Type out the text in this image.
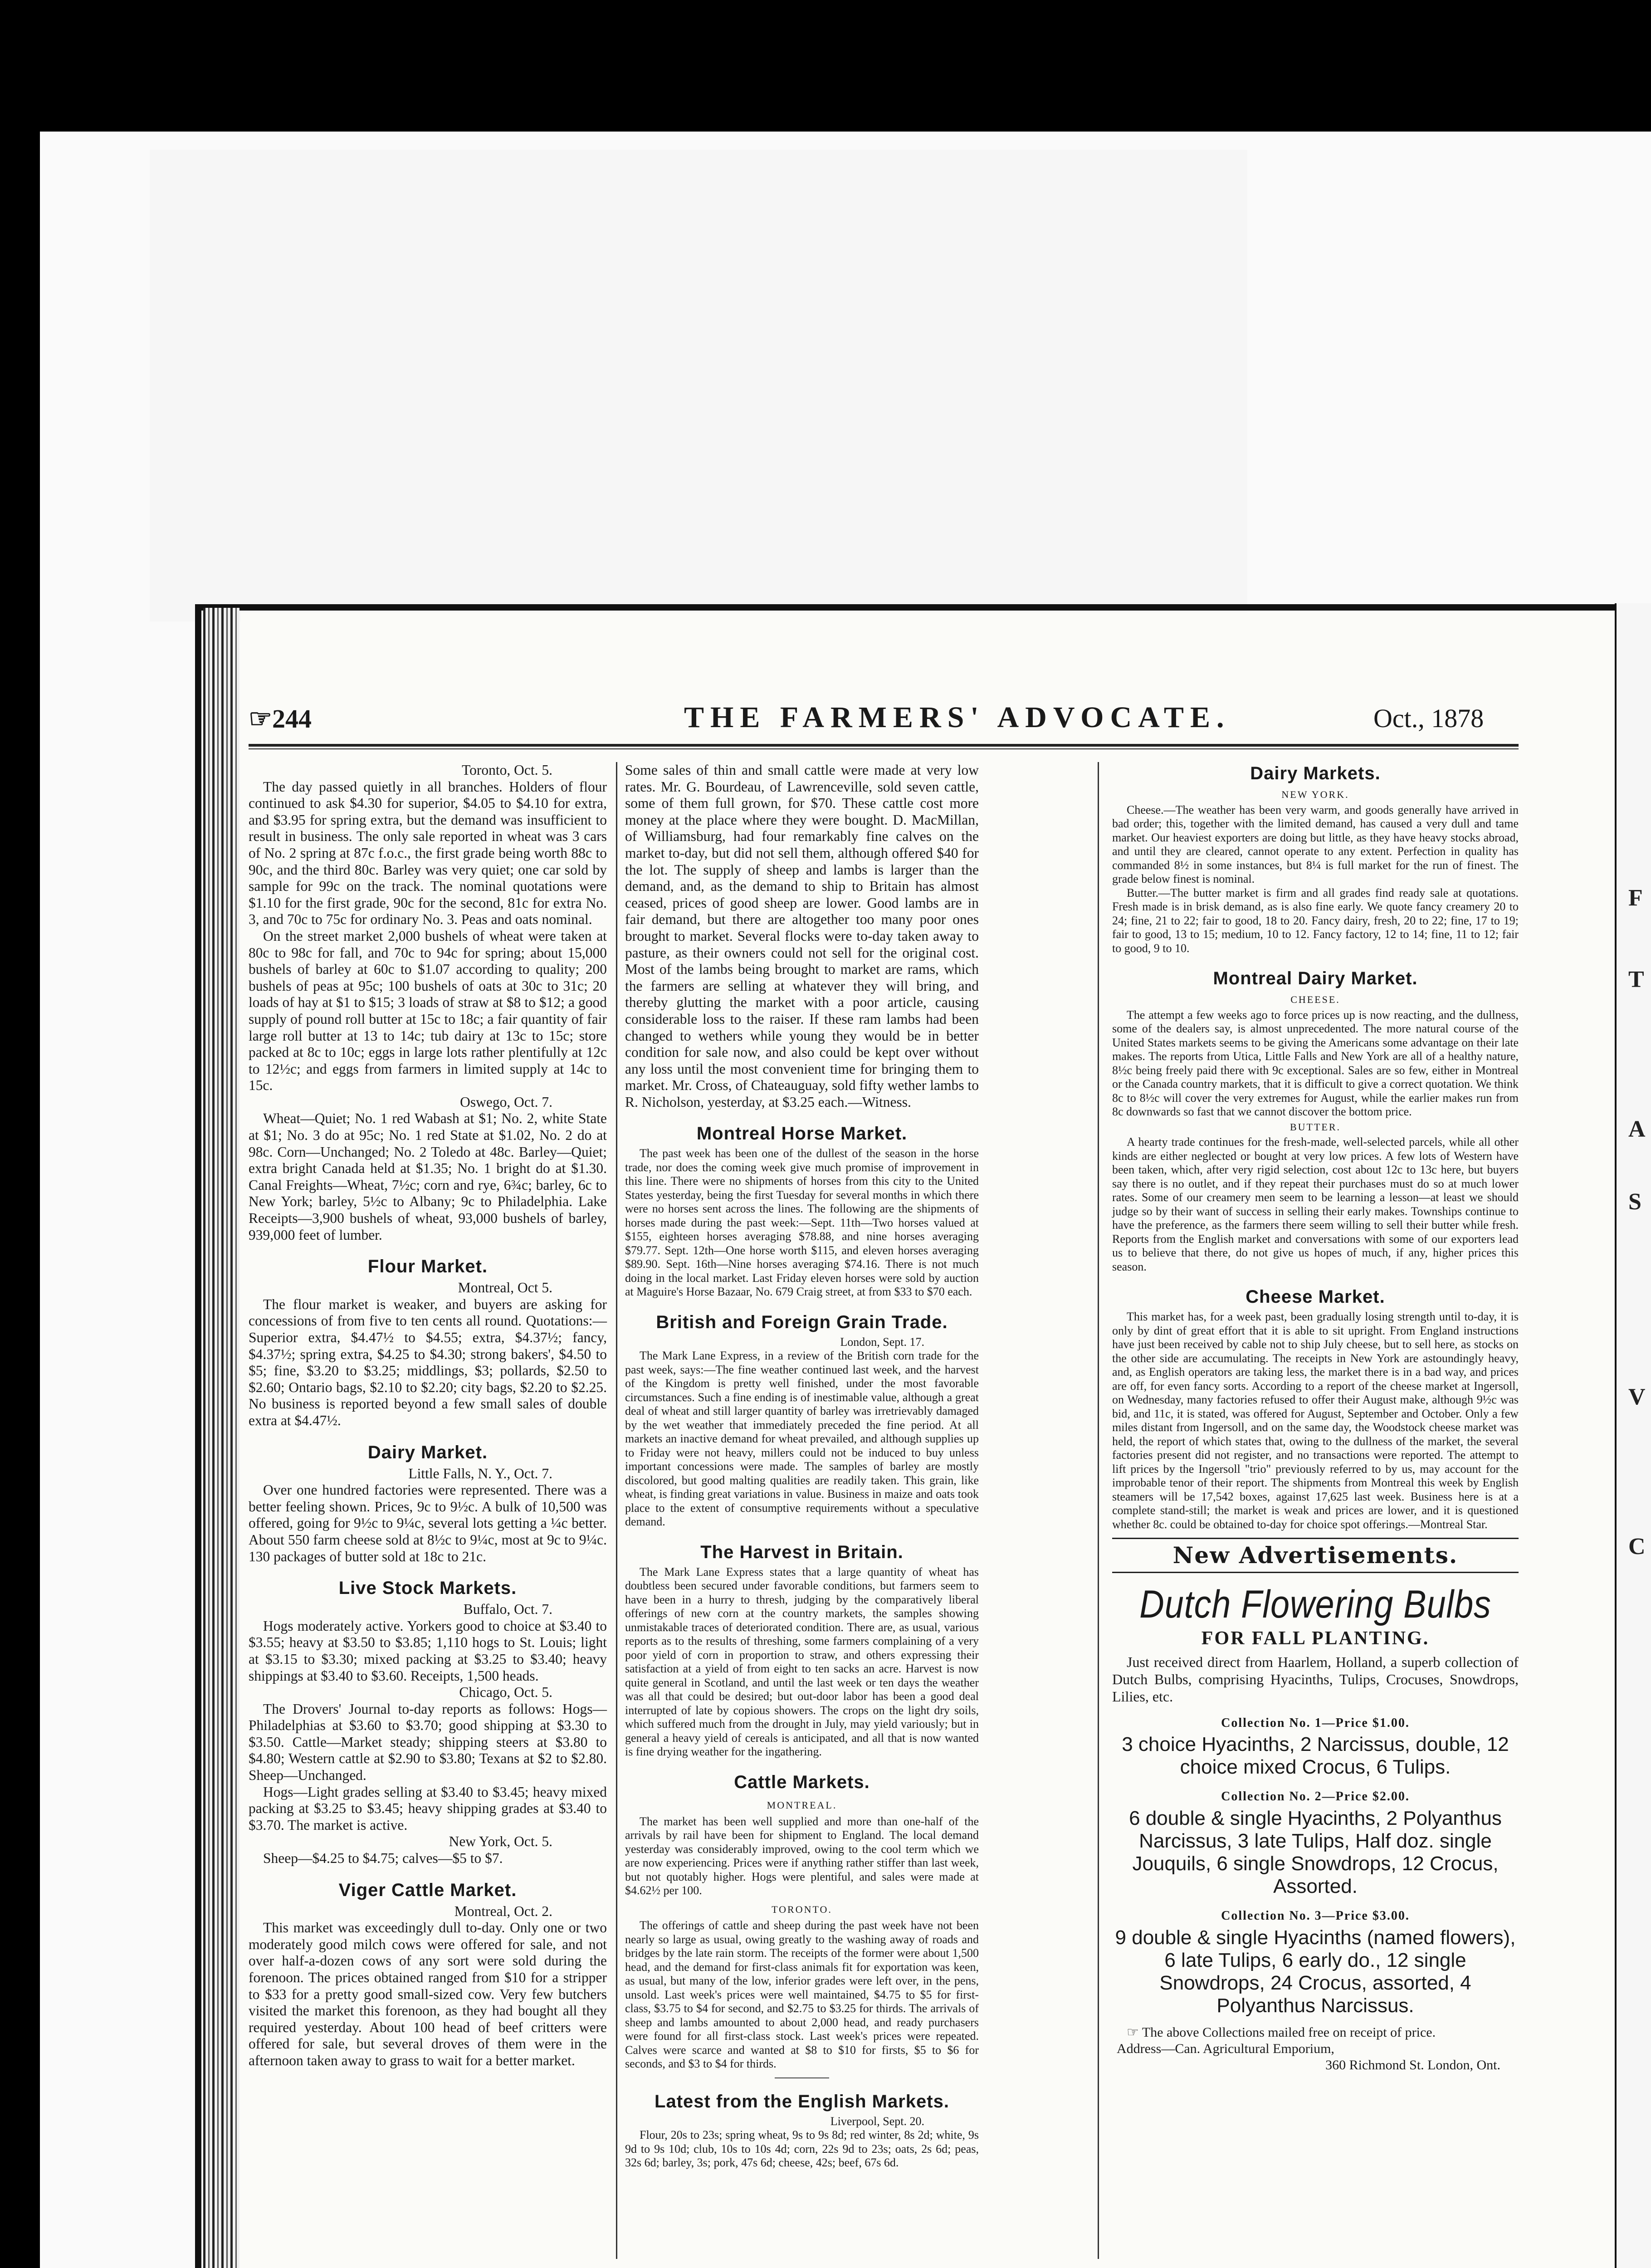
F
T
S
A
V
C
☞244	THE FARMERS' ADVOCATE.	Oct., 1878
Toronto, Oct. 5.

The day passed quietly in all branches. Holders of flour continued to ask $4.30 for superior, $4.05 to $4.10 for extra, and $3.95 for spring extra, but the demand was insufficient to result in business. The only sale reported in wheat was 3 cars of No. 2 spring at 87c f.o.c., the first grade being worth 88c to 90c, and the third 80c. Barley was very quiet; one car sold by sample for 99c on the track. The nominal quotations were $1.10 for the first grade, 90c for the second, 81c for extra No. 3, and 70c to 75c for ordinary No. 3. Peas and oats nominal.

On the street market 2,000 bushels of wheat were taken at 80c to 98c for fall, and 70c to 94c for spring; about 15,000 bushels of barley at 60c to $1.07 according to quality; 200 bushels of peas at 95c; 100 bushels of oats at 30c to 31c; 20 loads of hay at $1 to $15; 3 loads of straw at $8 to $12; a good supply of pound roll butter at 15c to 18c; a fair quantity of fair large roll butter at 13 to 14c; tub dairy at 13c to 15c; store packed at 8c to 10c; eggs in large lots rather plentifully at 12c to 12½c; and eggs from farmers in limited supply at 14c to 15c.

Oswego, Oct. 7.

Wheat—Quiet; No. 1 red Wabash at $1; No. 2, white State at $1; No. 3 do at 95c; No. 1 red State at $1.02, No. 2 do at 98c. Corn—Unchanged; No. 2 Toledo at 48c. Barley—Quiet; extra bright Canada held at $1.35; No. 1 bright do at $1.30. Canal Freights—Wheat, 7½c; corn and rye, 6¾c; barley, 6c to New York; barley, 5½c to Albany; 9c to Philadelphia. Lake Receipts—3,900 bushels of wheat, 93,000 bushels of barley, 939,000 feet of lumber.

Flour Market.
Montreal, Oct 5.

The flour market is weaker, and buyers are asking for concessions of from five to ten cents all round. Quotations:—Superior extra, $4.47½ to $4.55; extra, $4.37½; fancy, $4.37½; spring extra, $4.25 to $4.30; strong bakers', $4.50 to $5; fine, $3.20 to $3.25; middlings, $3; pollards, $2.50 to $2.60; Ontario bags, $2.10 to $2.20; city bags, $2.20 to $2.25. No business is reported beyond a few small sales of double extra at $4.47½.

Dairy Market.
Little Falls, N. Y., Oct. 7.

Over one hundred factories were represented. There was a better feeling shown. Prices, 9c to 9½c. A bulk of 10,500 was offered, going for 9½c to 9¼c, several lots getting a ¼c better. About 550 farm cheese sold at 8½c to 9¼c, most at 9c to 9¼c. 130 packages of butter sold at 18c to 21c.

Live Stock Markets.
Buffalo, Oct. 7.

Hogs moderately active. Yorkers good to choice at $3.40 to $3.55; heavy at $3.50 to $3.85; 1,110 hogs to St. Louis; light at $3.15 to $3.30; mixed packing at $3.25 to $3.40; heavy shippings at $3.40 to $3.60. Receipts, 1,500 heads.

Chicago, Oct. 5.

The Drovers' Journal to-day reports as follows: Hogs—Philadelphias at $3.60 to $3.70; good shipping at $3.30 to $3.50. Cattle—Market steady; shipping steers at $3.80 to $4.80; Western cattle at $2.90 to $3.80; Texans at $2 to $2.80. Sheep—Unchanged.

Hogs—Light grades selling at $3.40 to $3.45; heavy mixed packing at $3.25 to $3.45; heavy shipping grades at $3.40 to $3.70. The market is active.

New York, Oct. 5.

Sheep—$4.25 to $4.75; calves—$5 to $7.

Viger Cattle Market.
Montreal, Oct. 2.

This market was exceedingly dull to-day. Only one or two moderately good milch cows were offered for sale, and not over half-a-dozen cows of any sort were sold during the forenoon. The prices obtained ranged from $10 for a stripper to $33 for a pretty good small-sized cow. Very few butchers visited the market this forenoon, as they had bought all they required yesterday. About 100 head of beef critters were offered for sale, but several droves of them were in the afternoon taken away to grass to wait for a better market.

Some sales of thin and small cattle were made at very low rates. Mr. G. Bourdeau, of Lawrenceville, sold seven cattle, some of them full grown, for $70. These cattle cost more money at the place where they were bought. D. MacMillan, of Williamsburg, had four remarkably fine calves on the market to-day, but did not sell them, although offered $40 for the lot. The supply of sheep and lambs is larger than the demand, and, as the demand to ship to Britain has almost ceased, prices of good sheep are lower. Good lambs are in fair demand, but there are altogether too many poor ones brought to market. Several flocks were to-day taken away to pasture, as their owners could not sell for the original cost. Most of the lambs being brought to market are rams, which the farmers are selling at whatever they will bring, and thereby glutting the market with a poor article, causing considerable loss to the raiser. If these ram lambs had been changed to wethers while young they would be in better condition for sale now, and also could be kept over without any loss until the most convenient time for bringing them to market. Mr. Cross, of Chateauguay, sold fifty wether lambs to R. Nicholson, yesterday, at $3.25 each.—Witness.

Montreal Horse Market.

The past week has been one of the dullest of the season in the horse trade, nor does the coming week give much promise of improvement in this line. There were no shipments of horses from this city to the United States yesterday, being the first Tuesday for several months in which there were no horses sent across the lines. The following are the shipments of horses made during the past week:—Sept. 11th—Two horses valued at $155, eighteen horses averaging $78.88, and nine horses averaging $79.77. Sept. 12th—One horse worth $115, and eleven horses averaging $89.90. Sept. 16th—Nine horses averaging $74.16. There is not much doing in the local market. Last Friday eleven horses were sold by auction at Maguire's Horse Bazaar, No. 679 Craig street, at from $33 to $70 each.

British and Foreign Grain Trade.
London, Sept. 17.

The Mark Lane Express, in a review of the British corn trade for the past week, says:—The fine weather continued last week, and the harvest of the Kingdom is pretty well finished, under the most favorable circumstances. Such a fine ending is of inestimable value, although a great deal of wheat and still larger quantity of barley was irretrievably damaged by the wet weather that immediately preceded the fine period. At all markets an inactive demand for wheat prevailed, and although supplies up to Friday were not heavy, millers could not be induced to buy unless important concessions were made. The samples of barley are mostly discolored, but good malting qualities are readily taken. This grain, like wheat, is finding great variations in value. Business in maize and oats took place to the extent of consumptive requirements without a speculative demand.

The Harvest in Britain.

The Mark Lane Express states that a large quantity of wheat has doubtless been secured under favorable conditions, but farmers seem to have been in a hurry to thresh, judging by the comparatively liberal offerings of new corn at the country markets, the samples showing unmistakable traces of deteriorated condition. There are, as usual, various reports as to the results of threshing, some farmers complaining of a very poor yield of corn in proportion to straw, and others expressing their satisfaction at a yield of from eight to ten sacks an acre. Harvest is now quite general in Scotland, and until the last week or ten days the weather was all that could be desired; but out-door labor has been a good deal interrupted of late by copious showers. The crops on the light dry soils, which suffered much from the drought in July, may yield variously; but in general a heavy yield of cereals is anticipated, and all that is now wanted is fine drying weather for the ingathering.

Cattle Markets.
MONTREAL.

The market has been well supplied and more than one-half of the arrivals by rail have been for shipment to England. The local demand yesterday was considerably improved, owing to the cool term which we are now experiencing. Prices were if anything rather stiffer than last week, but not quotably higher. Hogs were plentiful, and sales were made at $4.62½ per 100.

TORONTO.

The offerings of cattle and sheep during the past week have not been nearly so large as usual, owing greatly to the washing away of roads and bridges by the late rain storm. The receipts of the former were about 1,500 head, and the demand for first-class animals fit for exportation was keen, as usual, but many of the low, inferior grades were left over, in the pens, unsold. Last week's prices were well maintained, $4.75 to $5 for first-class, $3.75 to $4 for second, and $2.75 to $3.25 for thirds. The arrivals of sheep and lambs amounted to about 2,000 head, and ready purchasers were found for all first-class stock. Last week's prices were repeated. Calves were scarce and wanted at $8 to $10 for firsts, $5 to $6 for seconds, and $3 to $4 for thirds.

Latest from the English Markets.
Liverpool, Sept. 20.

Flour, 20s to 23s; spring wheat, 9s to 9s 8d; red winter, 8s 2d; white, 9s 9d to 9s 10d; club, 10s to 10s 4d; corn, 22s 9d to 23s; oats, 2s 6d; peas, 32s 6d; barley, 3s; pork, 47s 6d; cheese, 42s; beef, 67s 6d.

Dairy Markets.
NEW YORK.

Cheese.—The weather has been very warm, and goods generally have arrived in bad order; this, together with the limited demand, has caused a very dull and tame market. Our heaviest exporters are doing but little, as they have heavy stocks abroad, and until they are cleared, cannot operate to any extent. Perfection in quality has commanded 8½ in some instances, but 8¼ is full market for the run of finest. The grade below finest is nominal.

Butter.—The butter market is firm and all grades find ready sale at quotations. Fresh made is in brisk demand, as is also fine early. We quote fancy creamery 20 to 24; fine, 21 to 22; fair to good, 18 to 20. Fancy dairy, fresh, 20 to 22; fine, 17 to 19; fair to good, 13 to 15; medium, 10 to 12. Fancy factory, 12 to 14; fine, 11 to 12; fair to good, 9 to 10.

Montreal Dairy Market.
CHEESE.

The attempt a few weeks ago to force prices up is now reacting, and the dullness, some of the dealers say, is almost unprecedented. The more natural course of the United States markets seems to be giving the Americans some advantage on their late makes. The reports from Utica, Little Falls and New York are all of a healthy nature, 8½c being freely paid there with 9c exceptional. Sales are so few, either in Montreal or the Canada country markets, that it is difficult to give a correct quotation. We think 8c to 8½c will cover the very extremes for August, while the earlier makes run from 8c downwards so fast that we cannot discover the bottom price.

BUTTER.

A hearty trade continues for the fresh-made, well-selected parcels, while all other kinds are either neglected or bought at very low prices. A few lots of Western have been taken, which, after very rigid selection, cost about 12c to 13c here, but buyers say there is no outlet, and if they repeat their purchases must do so at much lower rates. Some of our creamery men seem to be learning a lesson—at least we should judge so by their want of success in selling their early makes. Townships continue to have the preference, as the farmers there seem willing to sell their butter while fresh. Reports from the English market and conversations with some of our exporters lead us to believe that there, do not give us hopes of much, if any, higher prices this season.

Cheese Market.

This market has, for a week past, been gradually losing strength until to-day, it is only by dint of great effort that it is able to sit upright. From England instructions have just been received by cable not to ship July cheese, but to sell here, as stocks on the other side are accumulating. The receipts in New York are astoundingly heavy, and, as English operators are taking less, the market there is in a bad way, and prices are off, for even fancy sorts. According to a report of the cheese market at Ingersoll, on Wednesday, many factories refused to offer their August make, although 9½c was bid, and 11c, it is stated, was offered for August, September and October. Only a few miles distant from Ingersoll, and on the same day, the Woodstock cheese market was held, the report of which states that, owing to the dullness of the market, the several factories present did not register, and no transactions were reported. The attempt to lift prices by the Ingersoll "trio" previously referred to by us, may account for the improbable tenor of their report. The shipments from Montreal this week by English steamers will be 17,542 boxes, against 17,625 last week. Business here is at a complete stand-still; the market is weak and prices are lower, and it is questioned whether 8c. could be obtained to-day for choice spot offerings.—Montreal Star.

New Advertisements.
Dutch Flowering Bulbs
FOR FALL PLANTING.

Just received direct from Haarlem, Holland, a superb collection of Dutch Bulbs, comprising Hyacinths, Tulips, Crocuses, Snowdrops, Lilies, etc.

Collection No. 1—Price $1.00.
3 choice Hyacinths, 2 Narcissus, double, 12 choice mixed Crocus, 6 Tulips.
Collection No. 2—Price $2.00.
6 double & single Hyacinths, 2 Polyanthus Narcissus, 3 late Tulips, Half doz. single Jouquils, 6 single Snowdrops, 12 Crocus, Assorted.
Collection No. 3—Price $3.00.
9 double & single Hyacinths (named flowers), 6 late Tulips, 6 early do., 12 single Snowdrops, 24 Crocus, assorted, 4 Polyanthus Narcissus.

☞ The above Collections mailed free on receipt of price.

Address—Can. Agricultural Emporium,
360 Richmond St. London, Ont.
